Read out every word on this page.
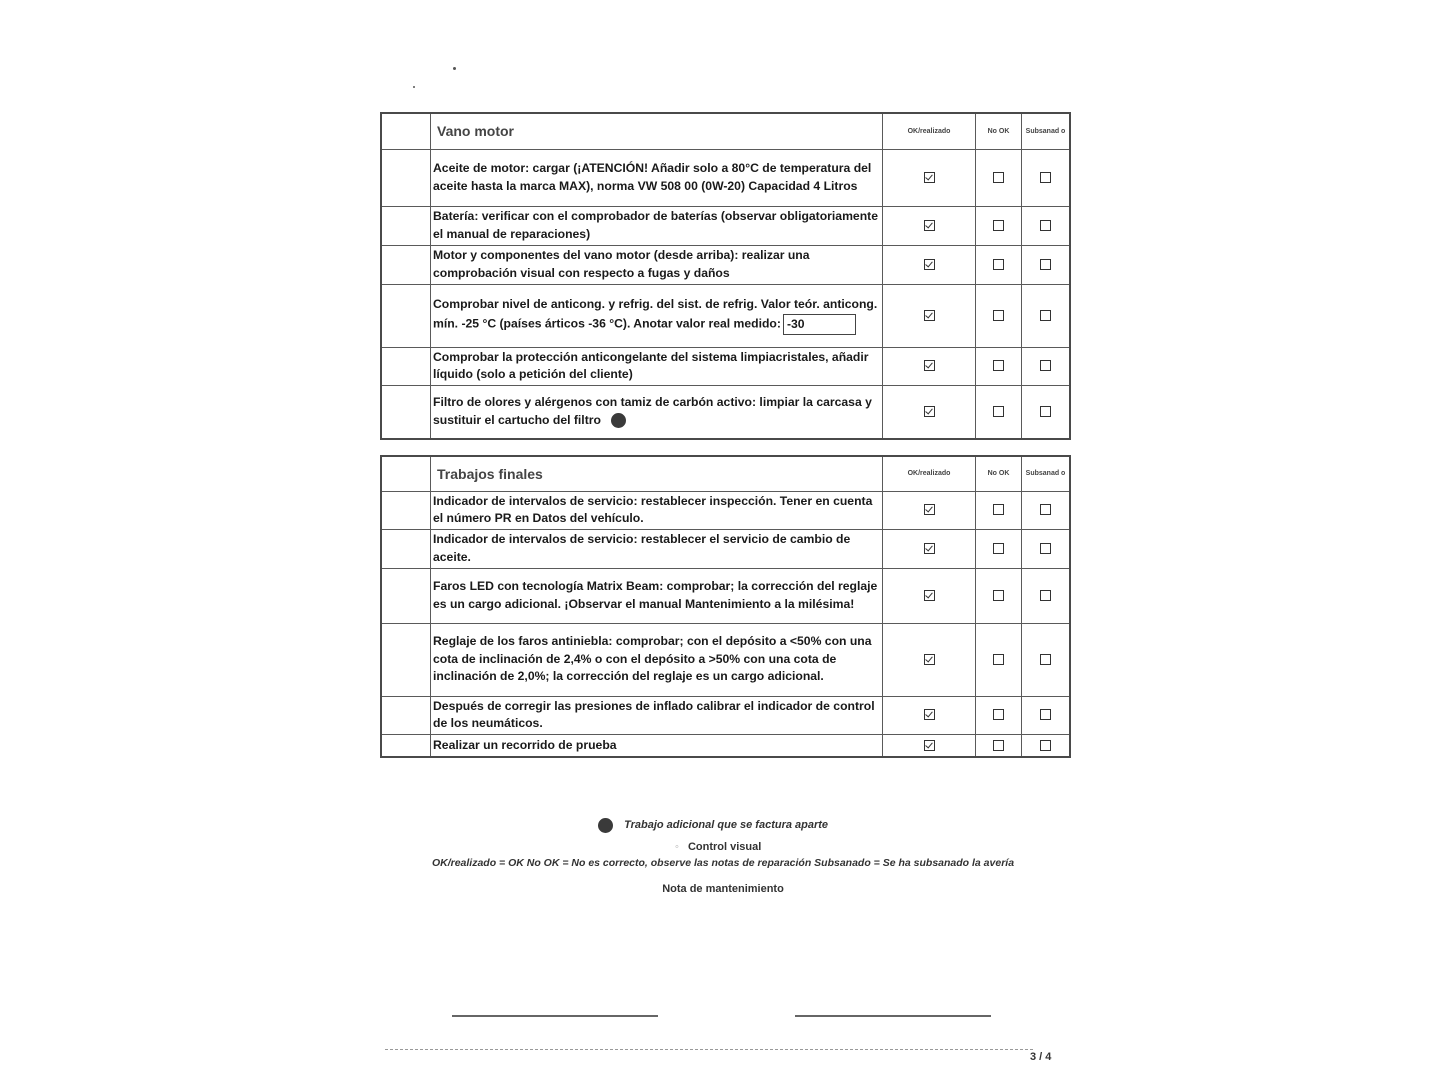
	Vano motor	OK/realizado	No OK	Subsanad o
	Aceite de motor: cargar (¡ATENCIÓN! Añadir solo a 80°C de temperatura del aceite hasta la marca MAX), norma VW 508 00 (0W-20) Capacidad 4 Litros			
	Batería: verificar con el comprobador de baterías (observar obligatoriamente el manual de reparaciones)			
	Motor y componentes del vano motor (desde arriba): realizar una comprobación visual con respecto a fugas y daños			
	Comprobar nivel de anticong. y refrig. del sist. de refrig. Valor teór. anticong. mín. -25 °C (países árticos -36 °C). Anotar valor real medido: -30			
	Comprobar la protección anticongelante del sistema limpiacristales, añadir líquido (solo a petición del cliente)			
	Filtro de olores y alérgenos con tamiz de carbón activo: limpiar la carcasa y sustituir el cartucho del filtro			
	Trabajos finales	OK/realizado	No OK	Subsanad o
	Indicador de intervalos de servicio: restablecer inspección. Tener en cuenta el número PR en Datos del vehículo.			
	Indicador de intervalos de servicio: restablecer el servicio de cambio de aceite.			
	Faros LED con tecnología Matrix Beam: comprobar; la corrección del reglaje es un cargo adicional. ¡Observar el manual Mantenimiento a la milésima!			
	Reglaje de los faros antiniebla: comprobar; con el depósito a <50% con una cota de inclinación de 2,4% o con el depósito a >50% con una cota de inclinación de 2,0%; la corrección del reglaje es un cargo adicional.			
	Después de corregir las presiones de inflado calibrar el indicador de control de los neumáticos.			
	Realizar un recorrido de prueba			
Trabajo adicional que se factura aparte
◦ Control visual
OK/realizado = OK No OK = No es correcto, observe las notas de reparación Subsanado = Se ha subsanado la avería
Nota de mantenimiento
3 / 4
